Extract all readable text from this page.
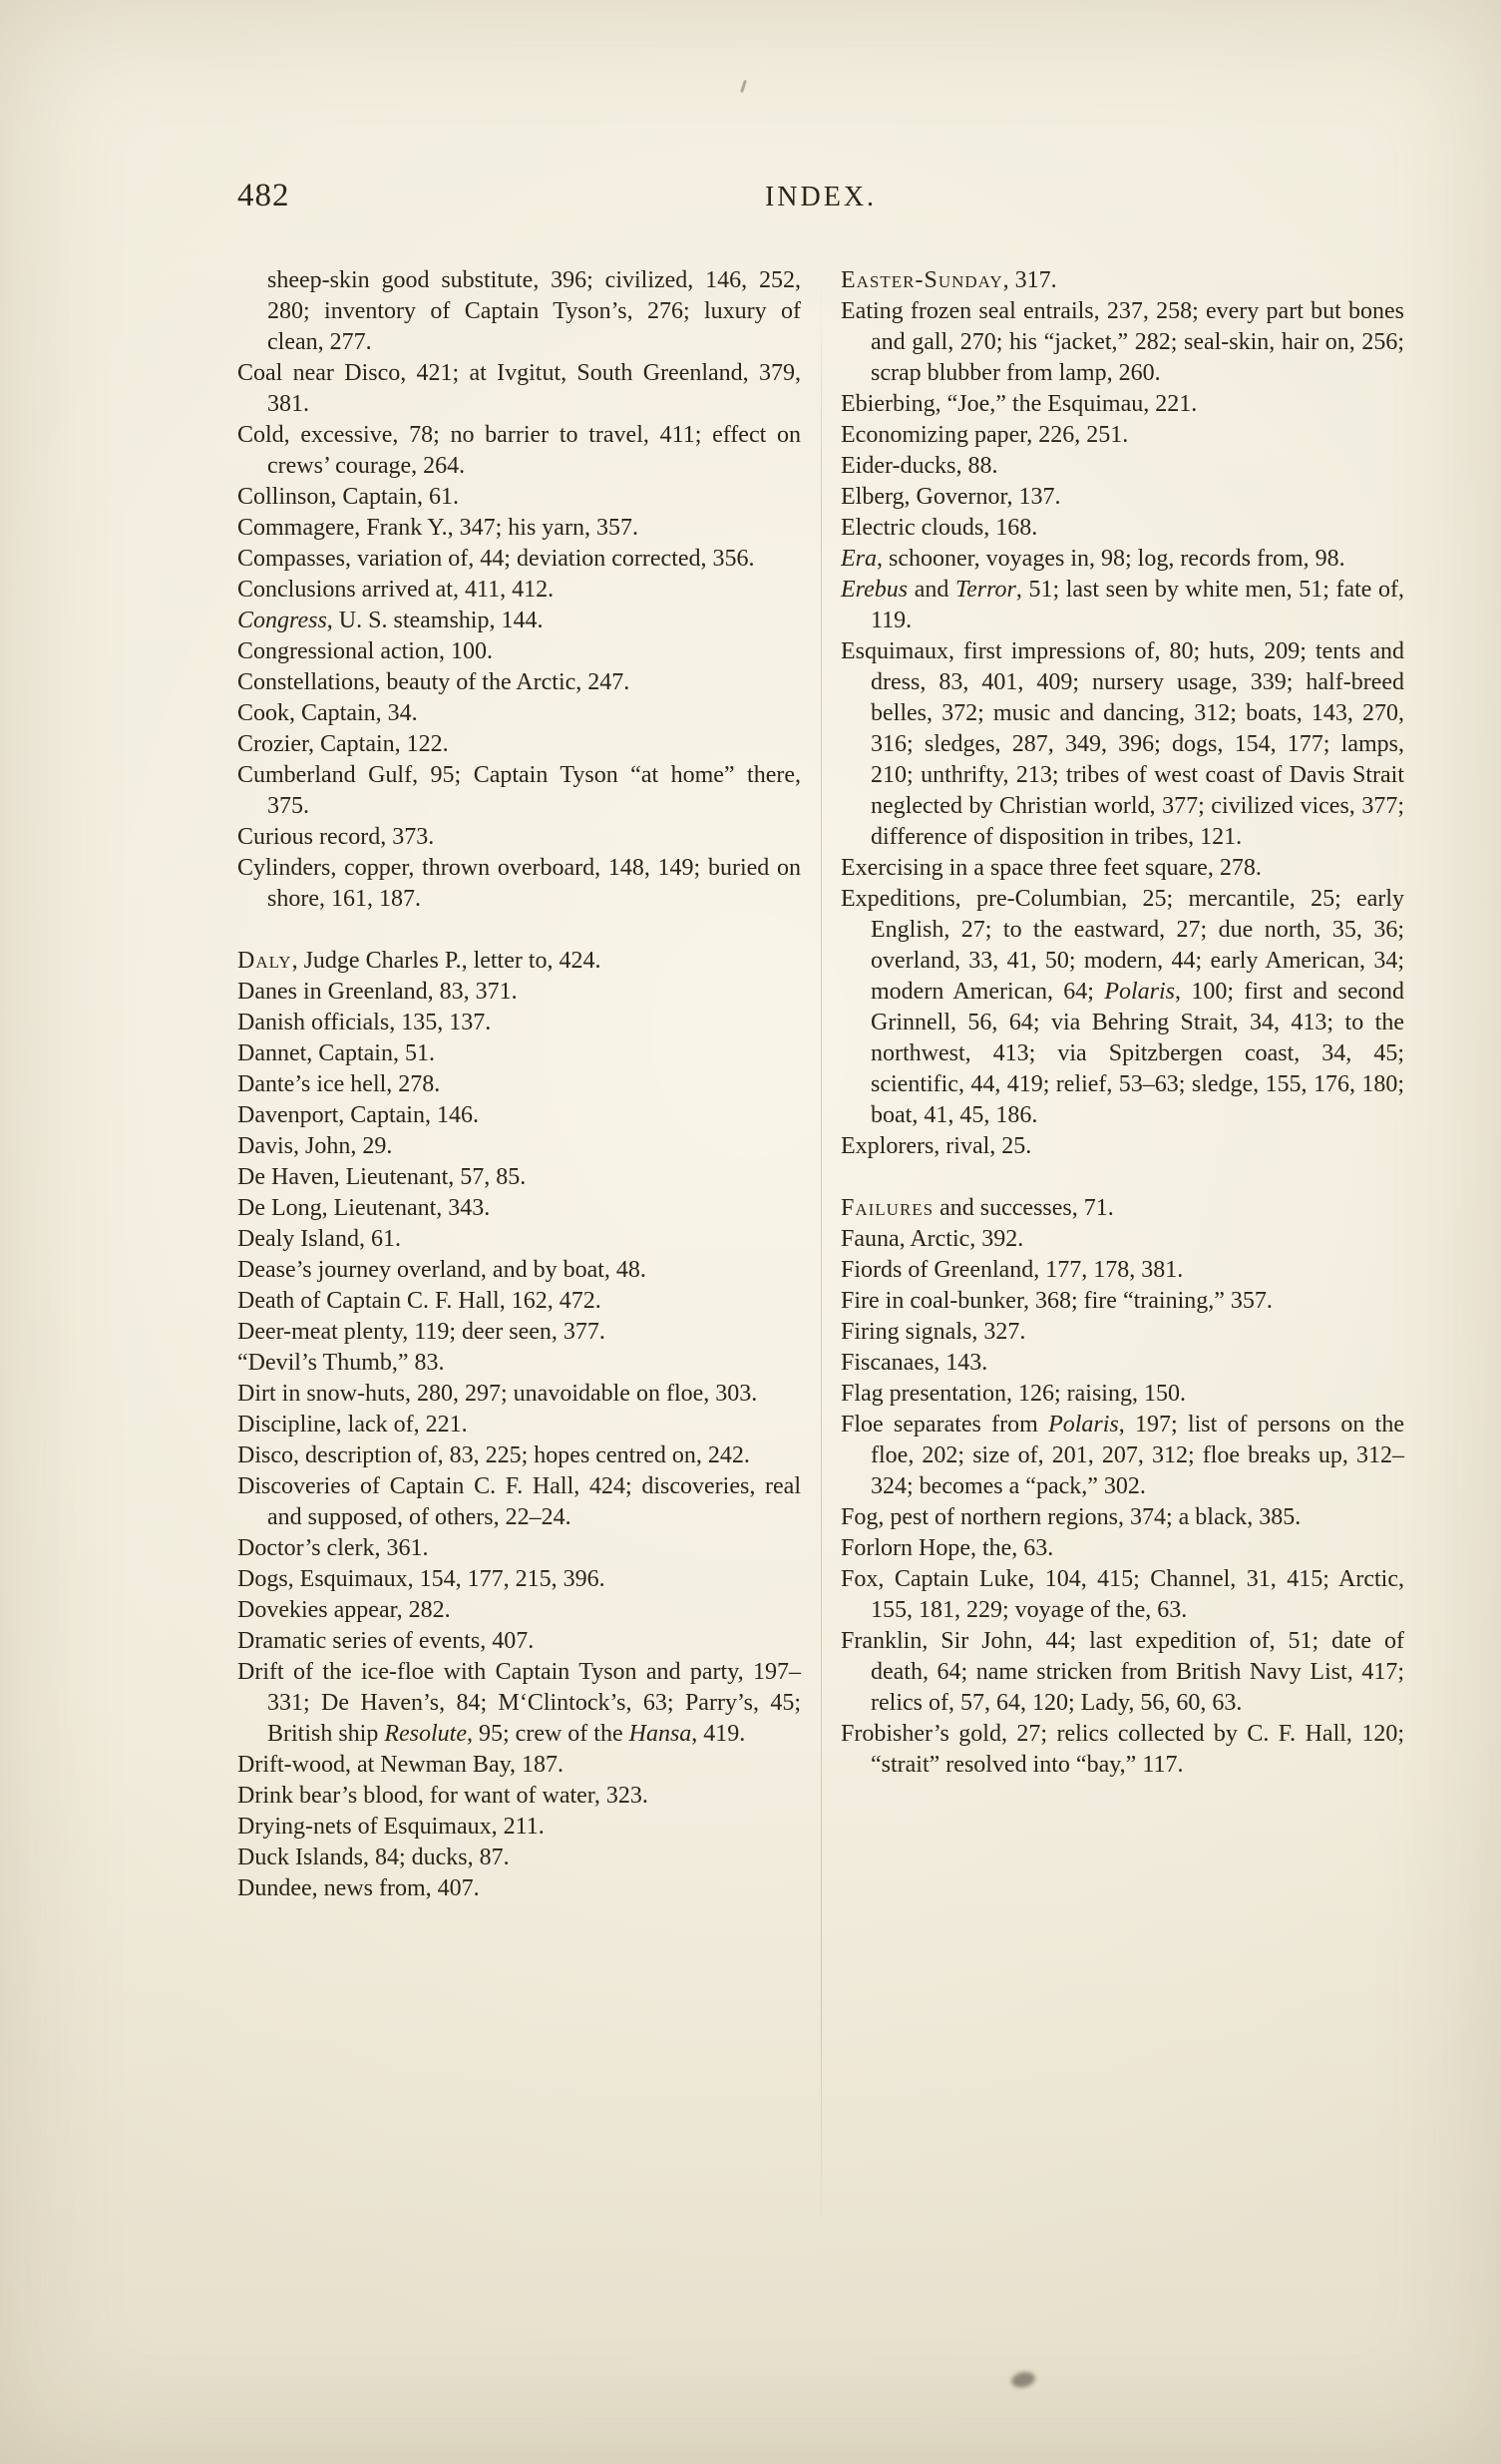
482	INDEX.

sheep-skin good substitute, 396; civilized, 146, 252, 280; inventory of Captain Tyson’s, 276; luxury of clean, 277.

Coal near Disco, 421; at Ivgitut, South Greenland, 379, 381.

Cold, excessive, 78; no barrier to travel, 411; effect on crews’ courage, 264.

Collinson, Captain, 61.

Commagere, Frank Y., 347; his yarn, 357.

Compasses, variation of, 44; deviation corrected, 356.

Conclusions arrived at, 411, 412.

Congress, U. S. steamship, 144.

Congressional action, 100.

Constellations, beauty of the Arctic, 247.

Cook, Captain, 34.

Crozier, Captain, 122.

Cumberland Gulf, 95; Captain Tyson “at home” there, 375.

Curious record, 373.

Cylinders, copper, thrown overboard, 148, 149; buried on shore, 161, 187.

Daly, Judge Charles P., letter to, 424.

Danes in Greenland, 83, 371.

Danish officials, 135, 137.

Dannet, Captain, 51.

Dante’s ice hell, 278.

Davenport, Captain, 146.

Davis, John, 29.

De Haven, Lieutenant, 57, 85.

De Long, Lieutenant, 343.

Dealy Island, 61.

Dease’s journey overland, and by boat, 48.

Death of Captain C. F. Hall, 162, 472.

Deer-meat plenty, 119; deer seen, 377.

“Devil’s Thumb,” 83.

Dirt in snow-huts, 280, 297; unavoidable on floe, 303.

Discipline, lack of, 221.

Disco, description of, 83, 225; hopes centred on, 242.

Discoveries of Captain C. F. Hall, 424; discoveries, real and supposed, of others, 22–24.

Doctor’s clerk, 361.

Dogs, Esquimaux, 154, 177, 215, 396.

Dovekies appear, 282.

Dramatic series of events, 407.

Drift of the ice-floe with Captain Tyson and party, 197–331; De Haven’s, 84; M‘Clintock’s, 63; Parry’s, 45; British ship Resolute, 95; crew of the Hansa, 419.

Drift-wood, at Newman Bay, 187.

Drink bear’s blood, for want of water, 323.

Drying-nets of Esquimaux, 211.

Duck Islands, 84; ducks, 87.

Dundee, news from, 407.

Easter-Sunday, 317.

Eating frozen seal entrails, 237, 258; every part but bones and gall, 270; his “jacket,” 282; seal-skin, hair on, 256; scrap blubber from lamp, 260.

Ebierbing, “Joe,” the Esquimau, 221.

Economizing paper, 226, 251.

Eider-ducks, 88.

Elberg, Governor, 137.

Electric clouds, 168.

Era, schooner, voyages in, 98; log, records from, 98.

Erebus and Terror, 51; last seen by white men, 51; fate of, 119.

Esquimaux, first impressions of, 80; huts, 209; tents and dress, 83, 401, 409; nursery usage, 339; half-breed belles, 372; music and dancing, 312; boats, 143, 270, 316; sledges, 287, 349, 396; dogs, 154, 177; lamps, 210; unthrifty, 213; tribes of west coast of Davis Strait neglected by Christian world, 377; civilized vices, 377; difference of disposition in tribes, 121.

Exercising in a space three feet square, 278.

Expeditions, pre-Columbian, 25; mercantile, 25; early English, 27; to the eastward, 27; due north, 35, 36; overland, 33, 41, 50; modern, 44; early American, 34; modern American, 64; Polaris, 100; first and second Grinnell, 56, 64; via Behring Strait, 34, 413; to the northwest, 413; via Spitzbergen coast, 34, 45; scientific, 44, 419; relief, 53–63; sledge, 155, 176, 180; boat, 41, 45, 186.

Explorers, rival, 25.

Failures and successes, 71.

Fauna, Arctic, 392.

Fiords of Greenland, 177, 178, 381.

Fire in coal-bunker, 368; fire “training,” 357.

Firing signals, 327.

Fiscanaes, 143.

Flag presentation, 126; raising, 150.

Floe separates from Polaris, 197; list of persons on the floe, 202; size of, 201, 207, 312; floe breaks up, 312–324; becomes a “pack,” 302.

Fog, pest of northern regions, 374; a black, 385.

Forlorn Hope, the, 63.

Fox, Captain Luke, 104, 415; Channel, 31, 415; Arctic, 155, 181, 229; voyage of the, 63.

Franklin, Sir John, 44; last expedition of, 51; date of death, 64; name stricken from British Navy List, 417; relics of, 57, 64, 120; Lady, 56, 60, 63.

Frobisher’s gold, 27; relics collected by C. F. Hall, 120; “strait” resolved into “bay,” 117.
